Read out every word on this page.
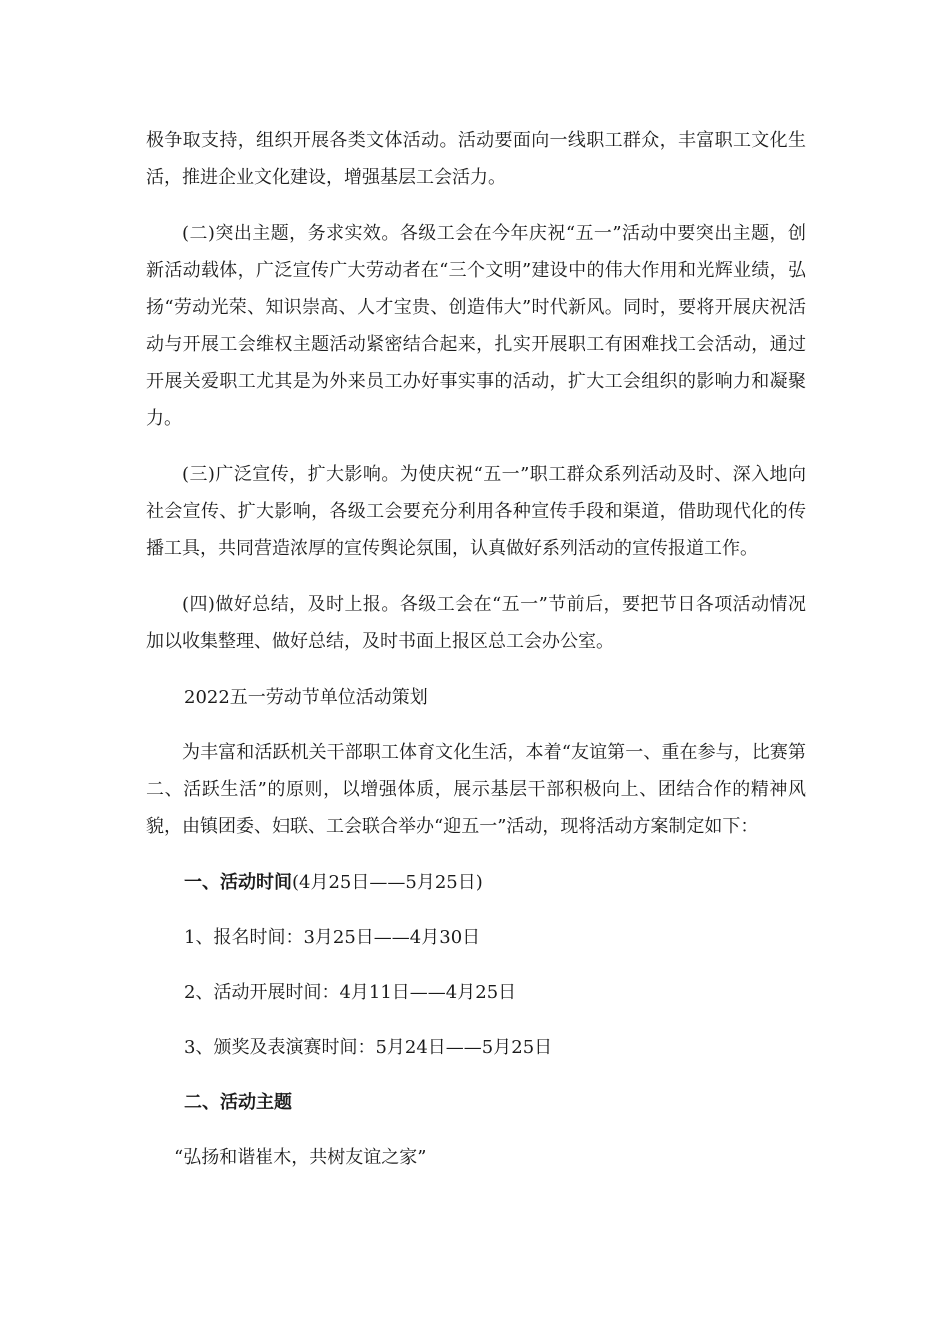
极争取支持，组织开展各类文体活动。活动要面向一线职工群众，丰富职工文化生活，推进企业文化建设，增强基层工会活力。

(二)突出主题，务求实效。各级工会在今年庆祝“五一”活动中要突出主题，创新活动载体，广泛宣传广大劳动者在“三个文明”建设中的伟大作用和光辉业绩，弘扬“劳动光荣、知识崇高、人才宝贵、创造伟大”时代新风。同时，要将开展庆祝活动与开展工会维权主题活动紧密结合起来，扎实开展职工有困难找工会活动，通过开展关爱职工尤其是为外来员工办好事实事的活动，扩大工会组织的影响力和凝聚力。

(三)广泛宣传，扩大影响。为使庆祝“五一”职工群众系列活动及时、深入地向社会宣传、扩大影响，各级工会要充分利用各种宣传手段和渠道，借助现代化的传播工具，共同营造浓厚的宣传舆论氛围，认真做好系列活动的宣传报道工作。

(四)做好总结，及时上报。各级工会在“五一”节前后，要把节日各项活动情况加以收集整理、做好总结，及时书面上报区总工会办公室。

2022五一劳动节单位活动策划

为丰富和活跃机关干部职工体育文化生活，本着“友谊第一、重在参与，比赛第二、活跃生活”的原则，以增强体质，展示基层干部积极向上、团结合作的精神风貌，由镇团委、妇联、工会联合举办“迎五一”活动，现将活动方案制定如下：

一、活动时间(4月25日——5月25日)

1、报名时间：3月25日——4月30日

2、活动开展时间：4月11日——4月25日

3、颁奖及表演赛时间：5月24日——5月25日

二、活动主题

“弘扬和谐崔木，共树友谊之家”
